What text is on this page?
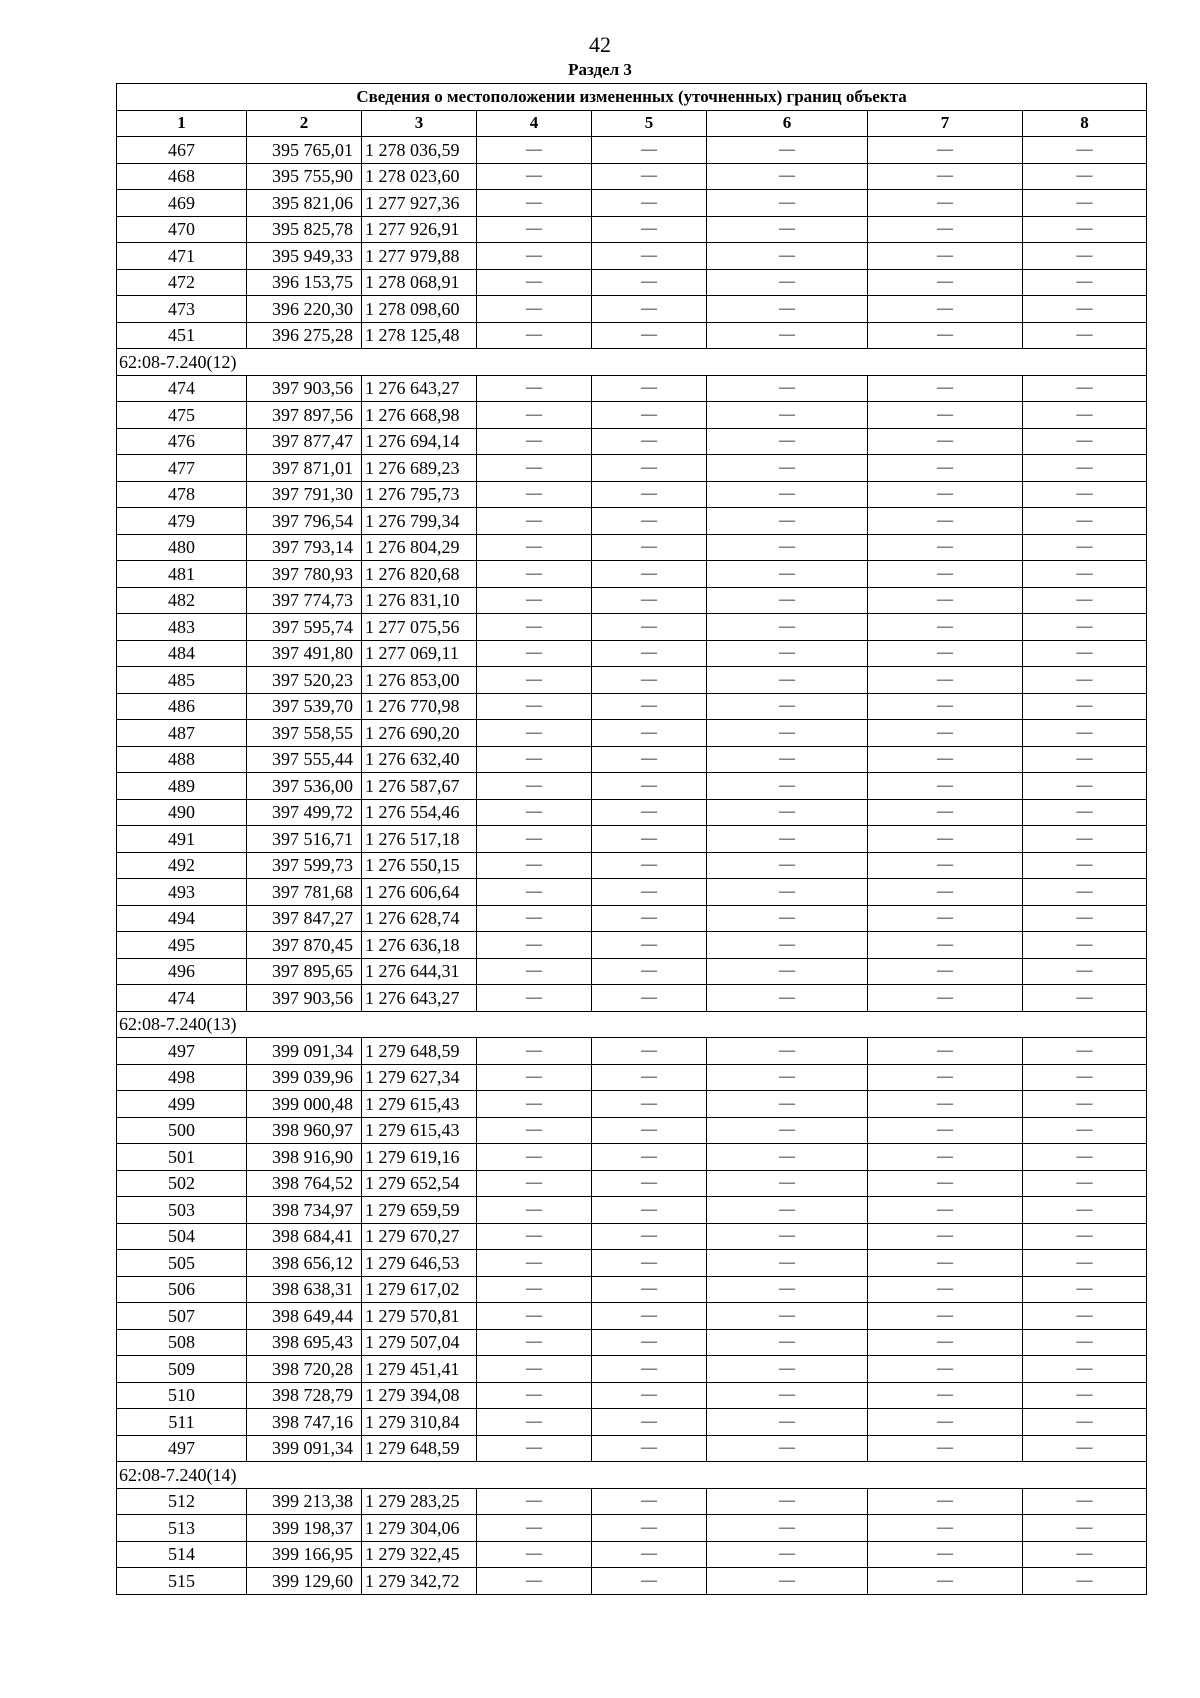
42
Раздел 3
Сведения о местоположении измененных (уточненных) границ объекта							
1	2	3	4	5	6	7	8
467	395 765,01	1 278 036,59	—	—	—	—	—
468	395 755,90	1 278 023,60	—	—	—	—	—
469	395 821,06	1 277 927,36	—	—	—	—	—
470	395 825,78	1 277 926,91	—	—	—	—	—
471	395 949,33	1 277 979,88	—	—	—	—	—
472	396 153,75	1 278 068,91	—	—	—	—	—
473	396 220,30	1 278 098,60	—	—	—	—	—
451	396 275,28	1 278 125,48	—	—	—	—	—
62:08-7.240(12)							
474	397 903,56	1 276 643,27	—	—	—	—	—
475	397 897,56	1 276 668,98	—	—	—	—	—
476	397 877,47	1 276 694,14	—	—	—	—	—
477	397 871,01	1 276 689,23	—	—	—	—	—
478	397 791,30	1 276 795,73	—	—	—	—	—
479	397 796,54	1 276 799,34	—	—	—	—	—
480	397 793,14	1 276 804,29	—	—	—	—	—
481	397 780,93	1 276 820,68	—	—	—	—	—
482	397 774,73	1 276 831,10	—	—	—	—	—
483	397 595,74	1 277 075,56	—	—	—	—	—
484	397 491,80	1 277 069,11	—	—	—	—	—
485	397 520,23	1 276 853,00	—	—	—	—	—
486	397 539,70	1 276 770,98	—	—	—	—	—
487	397 558,55	1 276 690,20	—	—	—	—	—
488	397 555,44	1 276 632,40	—	—	—	—	—
489	397 536,00	1 276 587,67	—	—	—	—	—
490	397 499,72	1 276 554,46	—	—	—	—	—
491	397 516,71	1 276 517,18	—	—	—	—	—
492	397 599,73	1 276 550,15	—	—	—	—	—
493	397 781,68	1 276 606,64	—	—	—	—	—
494	397 847,27	1 276 628,74	—	—	—	—	—
495	397 870,45	1 276 636,18	—	—	—	—	—
496	397 895,65	1 276 644,31	—	—	—	—	—
474	397 903,56	1 276 643,27	—	—	—	—	—
62:08-7.240(13)							
497	399 091,34	1 279 648,59	—	—	—	—	—
498	399 039,96	1 279 627,34	—	—	—	—	—
499	399 000,48	1 279 615,43	—	—	—	—	—
500	398 960,97	1 279 615,43	—	—	—	—	—
501	398 916,90	1 279 619,16	—	—	—	—	—
502	398 764,52	1 279 652,54	—	—	—	—	—
503	398 734,97	1 279 659,59	—	—	—	—	—
504	398 684,41	1 279 670,27	—	—	—	—	—
505	398 656,12	1 279 646,53	—	—	—	—	—
506	398 638,31	1 279 617,02	—	—	—	—	—
507	398 649,44	1 279 570,81	—	—	—	—	—
508	398 695,43	1 279 507,04	—	—	—	—	—
509	398 720,28	1 279 451,41	—	—	—	—	—
510	398 728,79	1 279 394,08	—	—	—	—	—
511	398 747,16	1 279 310,84	—	—	—	—	—
497	399 091,34	1 279 648,59	—	—	—	—	—
62:08-7.240(14)							
512	399 213,38	1 279 283,25	—	—	—	—	—
513	399 198,37	1 279 304,06	—	—	—	—	—
514	399 166,95	1 279 322,45	—	—	—	—	—
515	399 129,60	1 279 342,72	—	—	—	—	—
